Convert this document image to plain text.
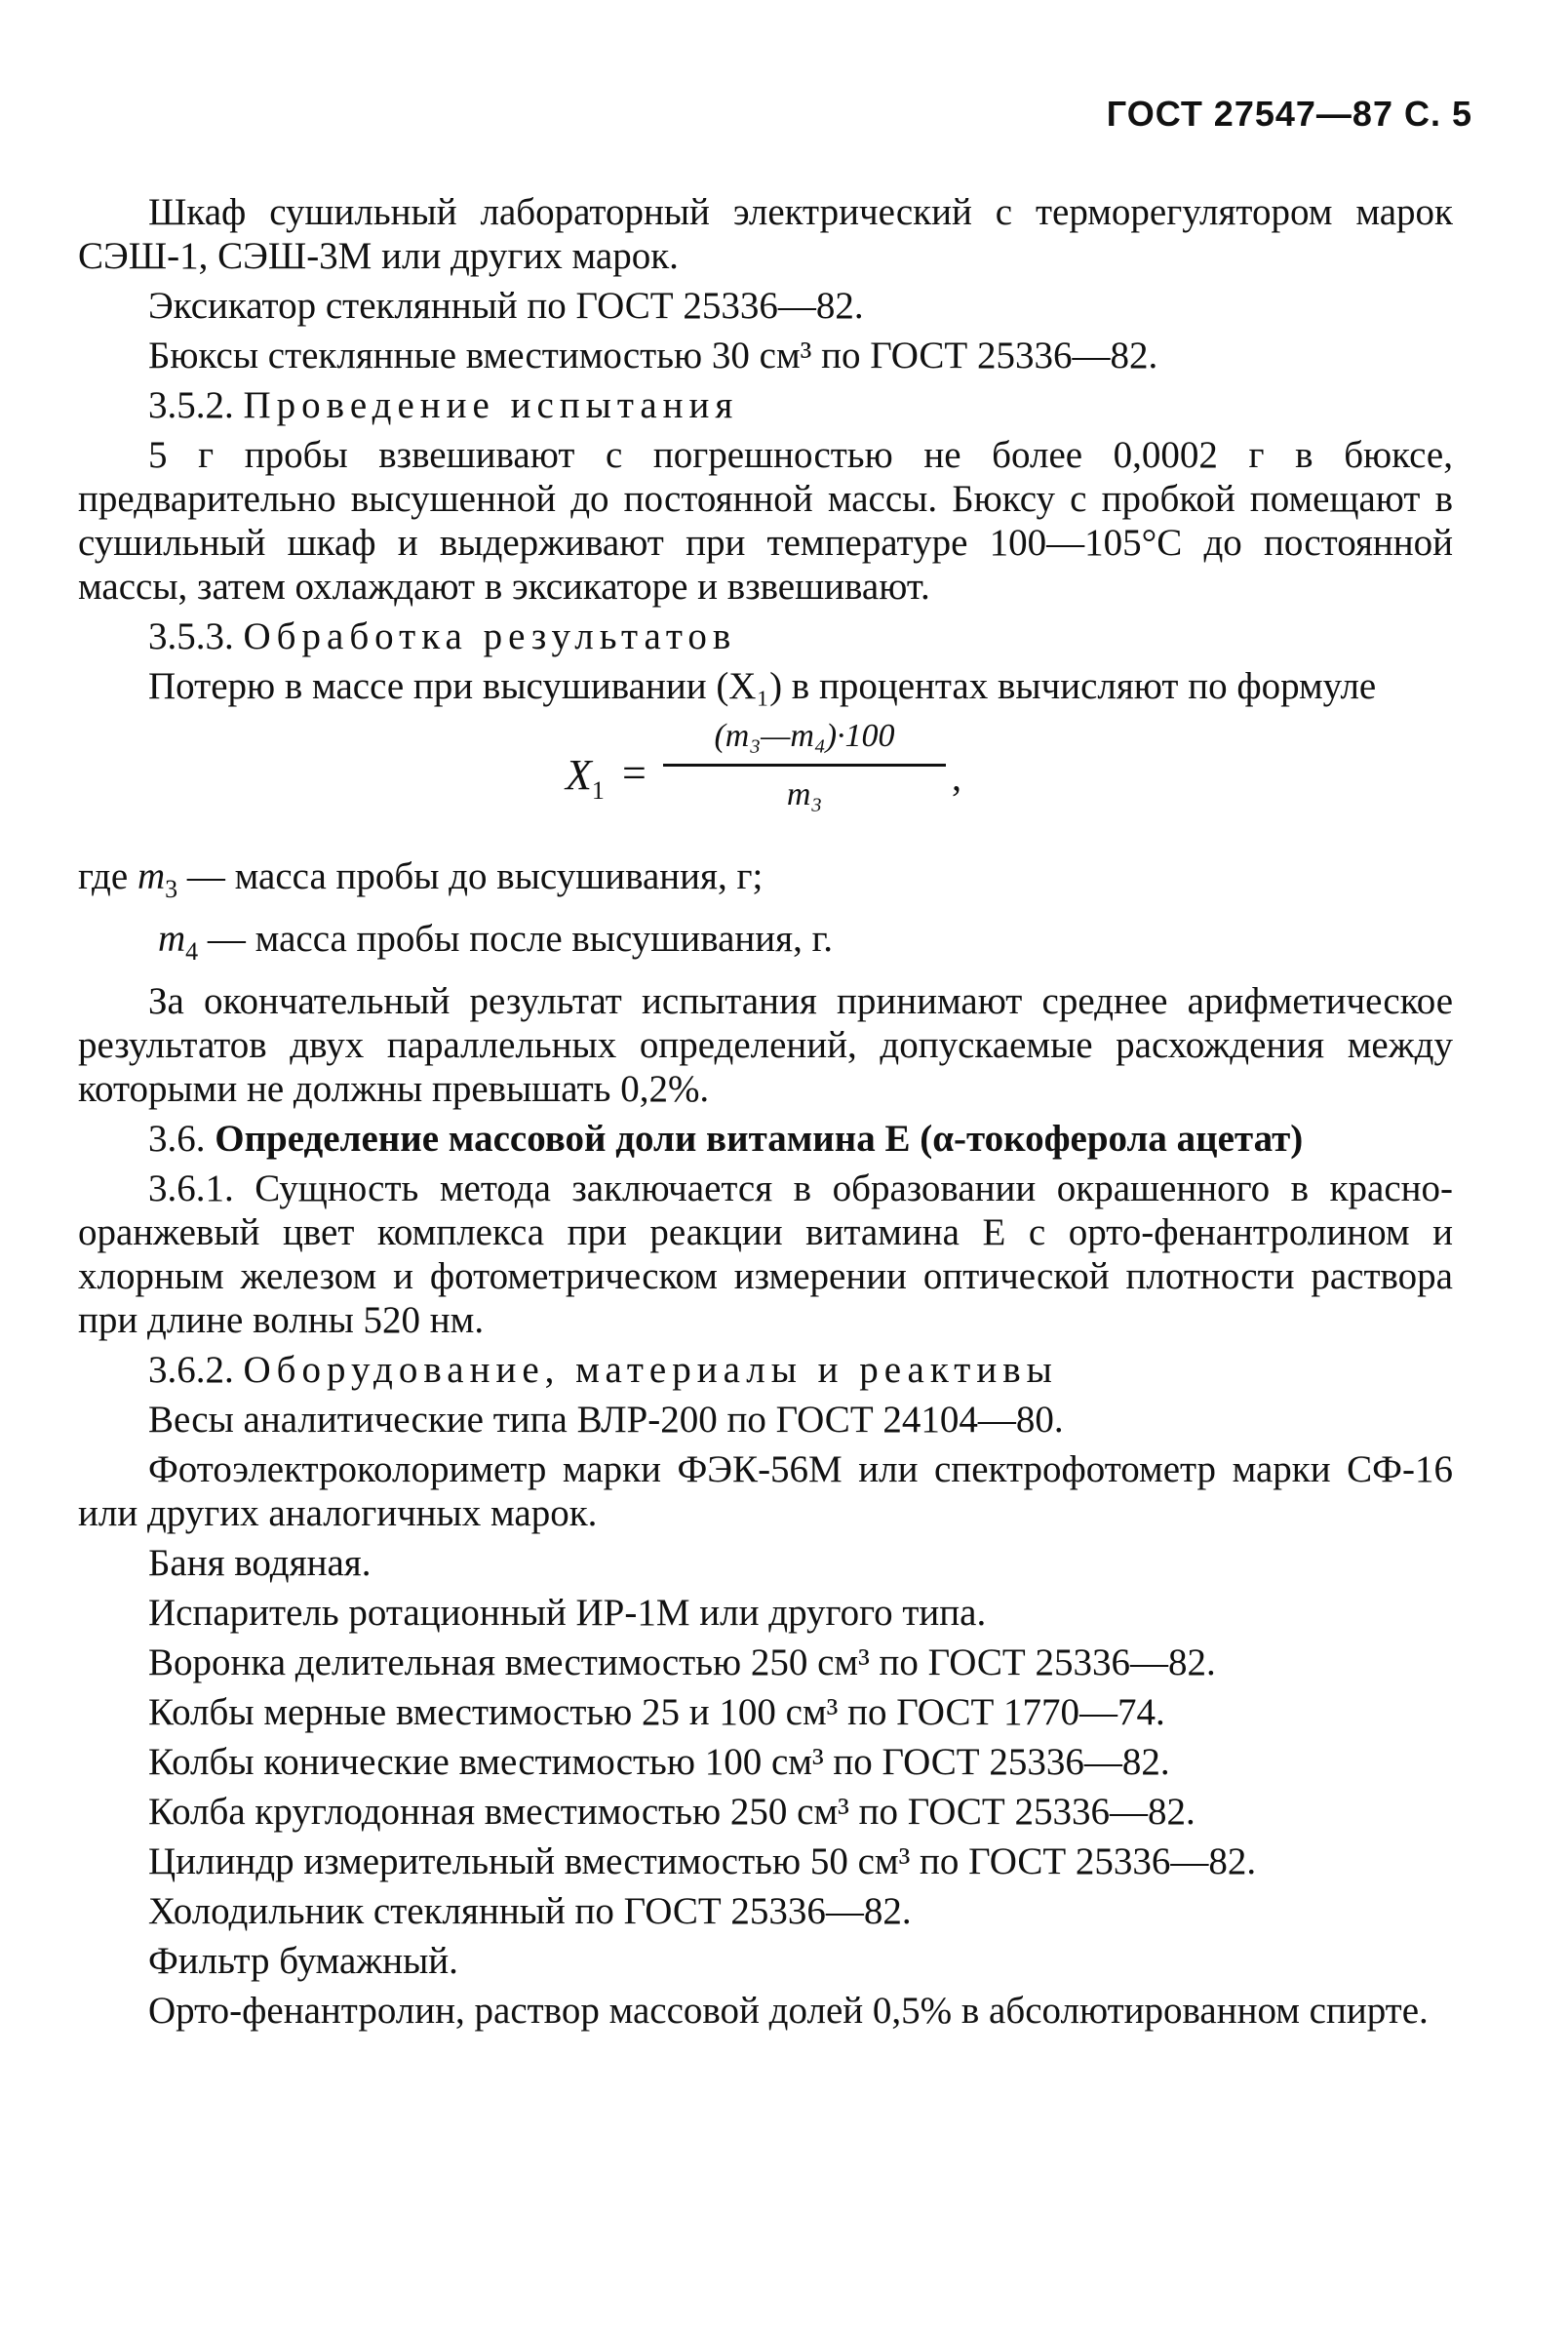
ГОСТ 27547—87 С. 5

Шкаф сушильный лабораторный электрический с терморегулятором марок СЭШ-1, СЭШ-3М или других марок.

Эксикатор стеклянный по ГОСТ 25336—82.

Бюксы стеклянные вместимостью 30 см³ по ГОСТ 25336—82.

3.5.2. Проведение испытания

5 г пробы взвешивают с погрешностью не более 0,0002 г в бюксе, предварительно высушенной до постоянной массы. Бюксу с пробкой помещают в сушильный шкаф и выдерживают при температуре 100—105°С до постоянной массы, затем охлаждают в эксикаторе и взвешивают.

3.5.3. Обработка результатов

Потерю в массе при высушивании (X₁) в процентах вычисляют по формуле

$X_1$ =
(m₃—m₄)·100
m₃	,
где $m_3$ — масса пробы до высушивания, г;
$m_4$ — масса пробы после высушивания, г.

За окончательный результат испытания принимают среднее арифметическое результатов двух параллельных определений, допускаемые расхождения между которыми не должны превышать 0,2%.

3.6. Определение массовой доли витамина Е (α-токоферола ацетат)

3.6.1. Сущность метода заключается в образовании окрашенного в красно-оранжевый цвет комплекса при реакции витамина Е с орто-фенантролином и хлорным железом и фотометрическом измерении оптической плотности раствора при длине волны 520 нм.

3.6.2. Оборудование, материалы и реактивы

Весы аналитические типа ВЛР-200 по ГОСТ 24104—80.

Фотоэлектроколориметр марки ФЭК-56М или спектрофотометр марки СФ-16 или других аналогичных марок.

Баня водяная.

Испаритель ротационный ИР-1М или другого типа.

Воронка делительная вместимостью 250 см³ по ГОСТ 25336—82.

Колбы мерные вместимостью 25 и 100 см³ по ГОСТ 1770—74.

Колбы конические вместимостью 100 см³ по ГОСТ 25336—82.

Колба круглодонная вместимостью 250 см³ по ГОСТ 25336—82.

Цилиндр измерительный вместимостью 50 см³ по ГОСТ 25336—82.

Холодильник стеклянный по ГОСТ 25336—82.

Фильтр бумажный.

Орто-фенантролин, раствор массовой долей 0,5% в абсолютированном спирте.
